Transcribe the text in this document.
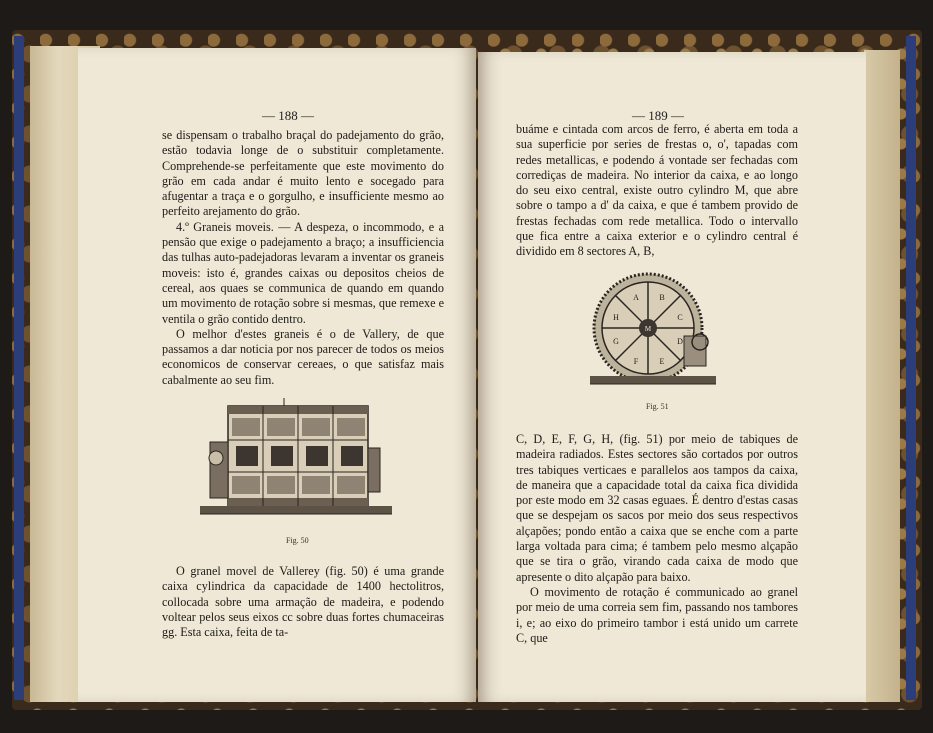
— 188 —

se dispensam o trabalho braçal do padejamento do grão, estão todavia longe de o substituir completamente. Comprehende-se perfeitamente que este movimento do grão em cada andar é muito lento e socegado para afugentar a traça e o gorgulho, e insufficiente mesmo ao perfeito arejamento do grão.

4.º Graneis moveis. — A despeza, o incommodo, e a pensão que exige o padejamento a braço; a insufficiencia das tulhas auto-padejadoras levaram a inventar os graneis moveis: isto é, grandes caixas ou depositos cheios de cereal, aos quaes se communica de quando em quando um movimento de rotação sobre si mesmas, que remexe e ventila o grão contido dentro.

O melhor d'estes graneis é o de Vallery, de que passamos a dar noticia por nos parecer de todos os meios economicos de conservar cereaes, o que satisfaz mais cabalmente ao seu fim.

Fig. 50

O granel movel de Vallerey (fig. 50) é uma grande caixa cylindrica da capacidade de 1400 hectolitros, collocada sobre uma armação de madeira, e podendo voltear pelos seus eixos cc sobre duas fortes chumaceiras gg. Esta caixa, feita de ta-

— 189 —

buáme e cintada com arcos de ferro, é aberta em toda a sua superficie por series de frestas o, o', tapadas com redes metallicas, e podendo á vontade ser fechadas com corrediças de madeira. No interior da caixa, e ao longo do seu eixo central, existe outro cylindro M, que abre sobre o tampo a d' da caixa, e que é tambem provido de frestas fechadas com rede metallica. Todo o intervallo que fica entre a caixa exterior e o cylindro central é dividido em 8 sectores A, B,

A	B
C
D
E
F
G
H
M
Fig. 51

C, D, E, F, G, H, (fig. 51) por meio de tabiques de madeira radiados. Estes sectores são cortados por outros tres tabiques verticaes e parallelos aos tampos da caixa, de maneira que a capacidade total da caixa fica dividida por este modo em 32 casas eguaes. É dentro d'estas casas que se despejam os sacos por meio dos seus respectivos alçapões; pondo então a caixa que se enche com a parte larga voltada para cima; é tambem pelo mesmo alçapão que se tira o grão, virando cada caixa de modo que apresente o dito alçapão para baixo.

O movimento de rotação é communicado ao granel por meio de uma correia sem fim, passando nos tambores i, e; ao eixo do primeiro tambor i está unido um carrete C, que
